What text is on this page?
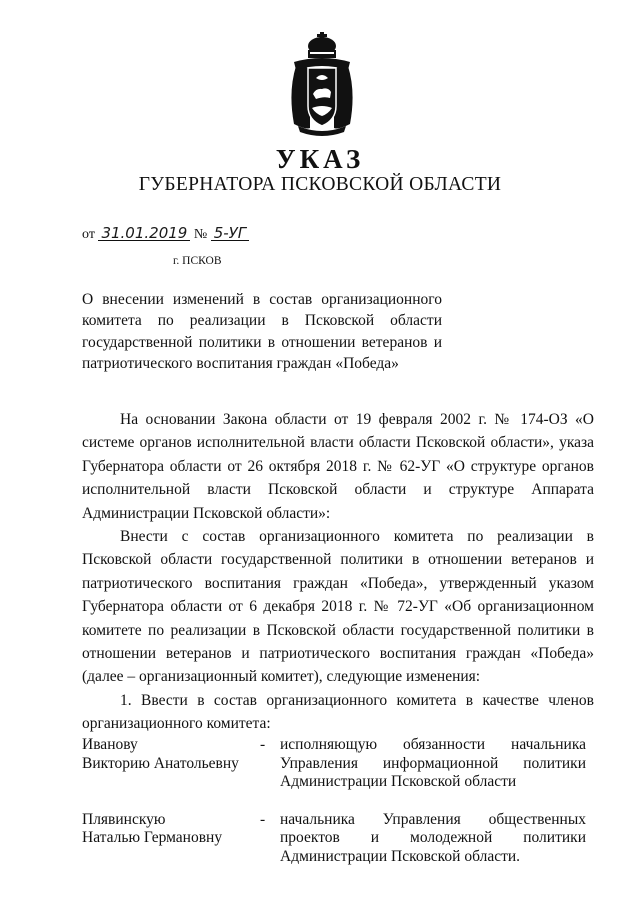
УКАЗ
ГУБЕРНАТОРА ПСКОВСКОЙ ОБЛАСТИ
от 31.01.2019 № 5-УГ
г. ПСКОВ
О внесении изменений в состав организационного комитета по реализации в Псковской области государственной политики в отношении ветеранов и патриотического воспитания граждан «Победа»

На основании Закона области от 19 февраля 2002 г. № 174-ОЗ «О системе органов исполнительной власти области Псковской области», указа Губернатора области от 26 октября 2018 г. № 62-УГ «О структуре органов исполнительной власти Псковской области и структуре Аппарата Администрации Псковской области»:

Внести с состав организационного комитета по реализации в Псковской области государственной политики в отношении ветеранов и патриотического воспитания граждан «Победа», утвержденный указом Губернатора области от 6 декабря 2018 г. № 72-УГ «Об организационном комитете по реализации в Псковской области государственной политики в отношении ветеранов и патриотического воспитания граждан «Победа» (далее – организационный комитет), следующие изменения:

1. Ввести в состав организационного комитета в качестве членов организационного комитета:

Иванову
Викторию Анатольевну
- исполняющую обязанности начальника Управления информационной политики Администрации Псковской области
Плявинскую
Наталью Германовну
- начальника Управления общественных проектов и молодежной политики Администрации Псковской области.
